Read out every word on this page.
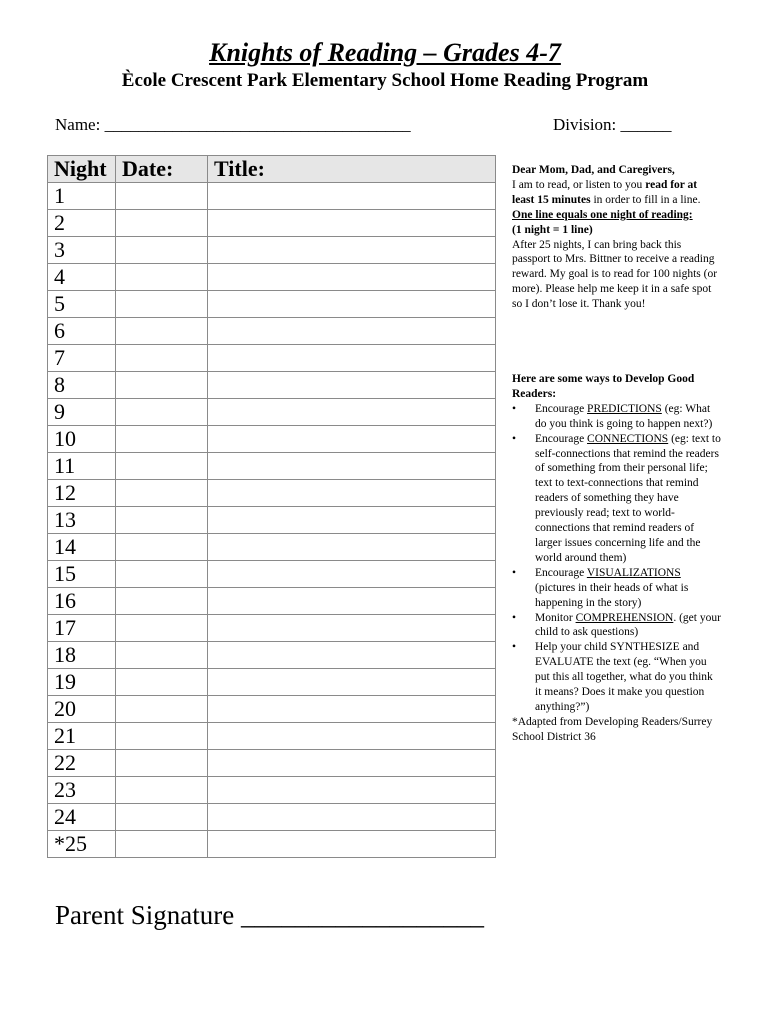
Knights of Reading – Grades 4-7
Ècole Crescent Park Elementary School Home Reading Program
Name: ____________________________________	Division: ______
Night	Date:	Title:
1		
2		
3		
4		
5		
6		
7		
8		
9		
10		
11		
12		
13		
14		
15		
16		
17		
18		
19		
20		
21		
22		
23		
24		
*25		
Parent Signature __________________

Dear Mom, Dad, and Caregivers,

I am to read, or listen to you read for at least 15 minutes in order to fill in a line.

One line equals one night of reading:

(1 night = 1 line)

After 25 nights, I can bring back this passport to Mrs. Bittner to receive a reading reward. My goal is to read for 100 nights (or more). Please help me keep it in a safe spot so I don’t lose it. Thank you!

Here are some ways to Develop Good Readers:

• Encourage PREDICTIONS (eg: What do you think is going to happen next?)
• Encourage CONNECTIONS (eg: text to self-connections that remind the readers of something from their personal life; text to text-connections that remind readers of something they have previously read; text to world-connections that remind readers of larger issues concerning life and the world around them)
• Encourage VISUALIZATIONS (pictures in their heads of what is happening in the story)
• Monitor COMPREHENSION. (get your child to ask questions)
• Help your child SYNTHESIZE and EVALUATE the text (eg. “When you put this all together, what do you think it means? Does it make you question anything?”)

*Adapted from Developing Readers/Surrey School District 36
